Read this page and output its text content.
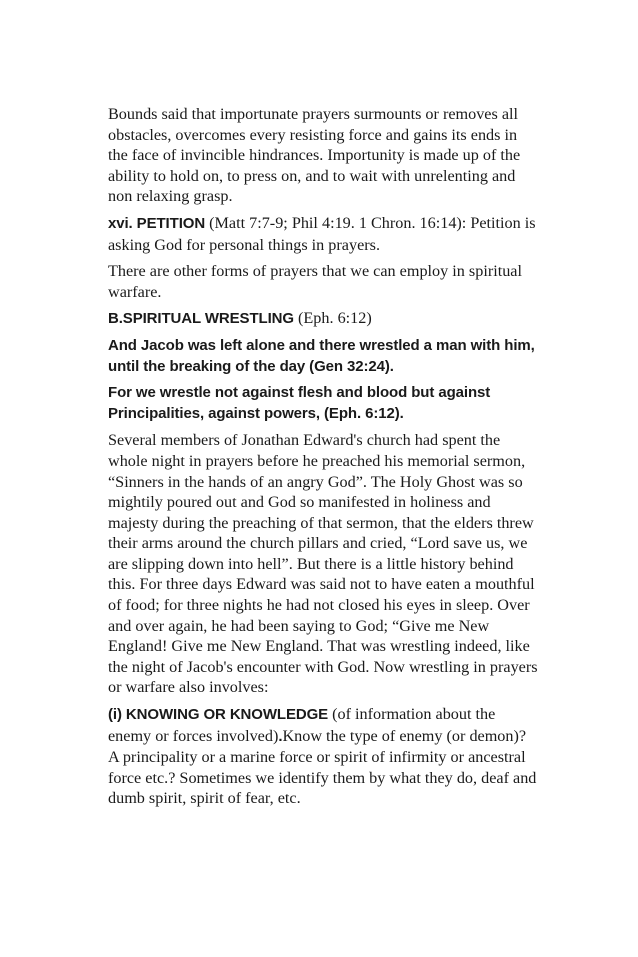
Bounds said that importunate prayers surmounts or removes all obstacles, overcomes every resisting force and gains its ends in the face of invincible hindrances. Importunity is made up of the ability to hold on, to press on, and to wait with unrelenting and non relaxing grasp.

xvi. PETITION (Matt 7:7-9; Phil 4:19. 1 Chron. 16:14): Petition is asking God for personal things in prayers.

There are other forms of prayers that we can employ in spiritual warfare.

B.SPIRITUAL WRESTLING (Eph. 6:12)

And Jacob was left alone and there wrestled a man with him, until the breaking of the day (Gen 32:24).

For we wrestle not against flesh and blood but against Principalities, against powers, (Eph. 6:12).

Several members of Jonathan Edward's church had spent the whole night in prayers before he preached his memorial sermon, “Sinners in the hands of an angry God”. The Holy Ghost was so mightily poured out and God so manifested in holiness and majesty during the preaching of that sermon, that the elders threw their arms around the church pillars and cried, “Lord save us, we are slipping down into hell”. But there is a little history behind this. For three days Edward was said not to have eaten a mouthful of food; for three nights he had not closed his eyes in sleep. Over and over again, he had been saying to God; “Give me New England! Give me New England. That was wrestling indeed, like the night of Jacob's encounter with God. Now wrestling in prayers or warfare also involves:

(i) KNOWING OR KNOWLEDGE (of information about the enemy or forces involved).Know the type of enemy (or demon)? A principality or a marine force or spirit of infirmity or ancestral force etc.? Sometimes we identify them by what they do, deaf and dumb spirit, spirit of fear, etc.
